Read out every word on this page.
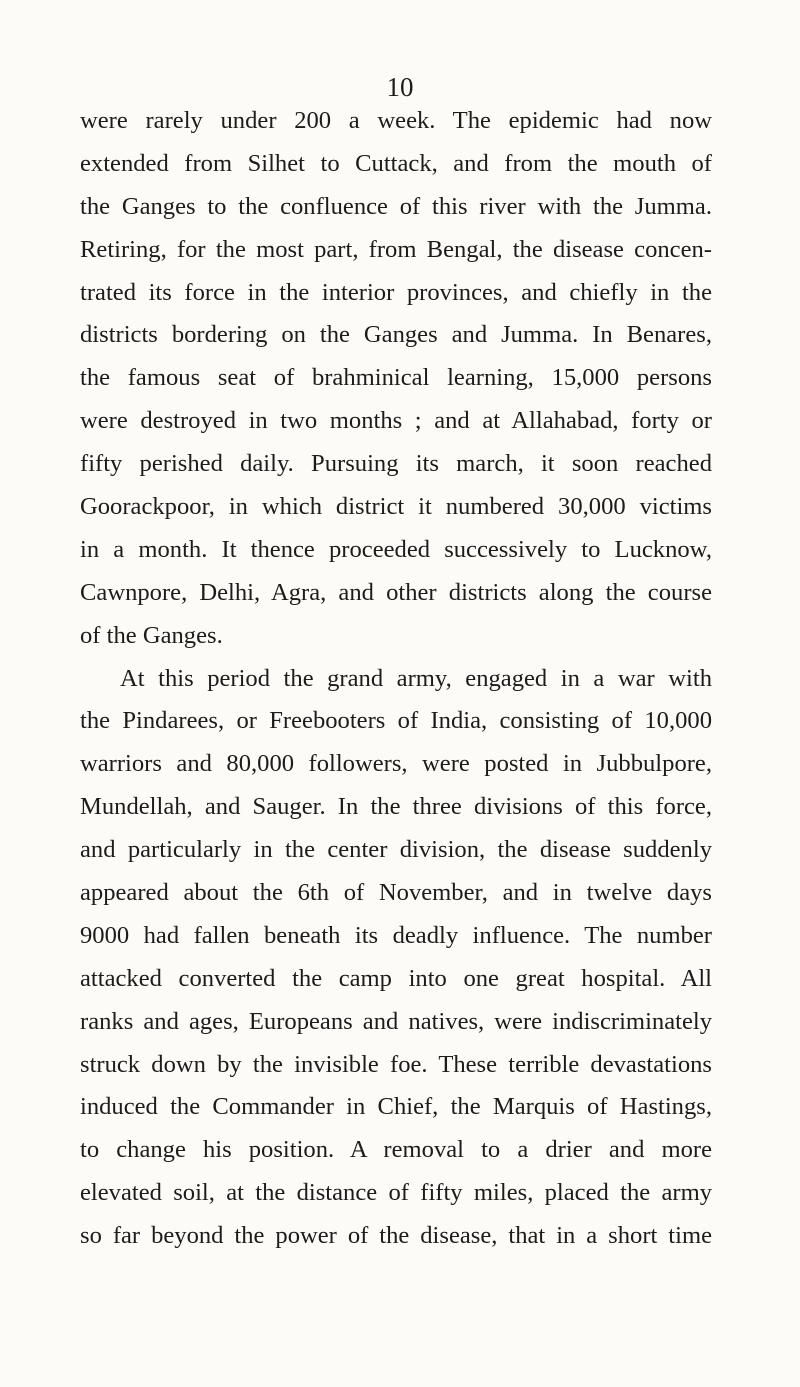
10
were rarely under 200 a week. The epidemic had now
extended from Silhet to Cuttack, and from the mouth of
the Ganges to the confluence of this river with the Jumma.
Retiring, for the most part, from Bengal, the disease concen-
trated its force in the interior provinces, and chiefly in the
districts bordering on the Ganges and Jumma. In Benares,
the famous seat of brahminical learning, 15,000 persons
were destroyed in two months ; and at Allahabad, forty or
fifty perished daily. Pursuing its march, it soon reached
Goorackpoor, in which district it numbered 30,000 victims
in a month. It thence proceeded successively to Lucknow,
Cawnpore, Delhi, Agra, and other districts along the course
of the Ganges.
At this period the grand army, engaged in a war with
the Pindarees, or Freebooters of India, consisting of 10,000
warriors and 80,000 followers, were posted in Jubbulpore,
Mundellah, and Sauger. In the three divisions of this force,
and particularly in the center division, the disease suddenly
appeared about the 6th of November, and in twelve days
9000 had fallen beneath its deadly influence. The number
attacked converted the camp into one great hospital. All
ranks and ages, Europeans and natives, were indiscriminately
struck down by the invisible foe. These terrible devastations
induced the Commander in Chief, the Marquis of Hastings,
to change his position. A removal to a drier and more
elevated soil, at the distance of fifty miles, placed the army
so far beyond the power of the disease, that in a short time
